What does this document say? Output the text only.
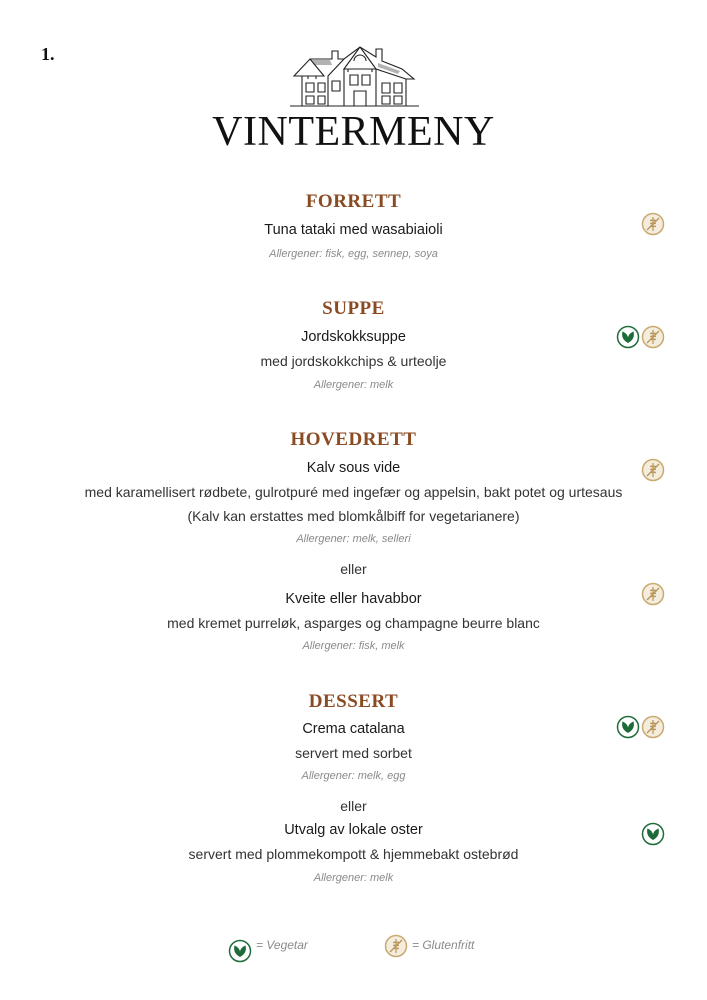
1.
VINTERMENY
FORRETT
Tuna tataki med wasabiaioli
Allergener: fisk, egg, sennep, soya
SUPPE
Jordskokksuppe
med jordskokkchips & urteolje
Allergener: melk
HOVEDRETT
Kalv sous vide
med karamellisert rødbete, gulrotpuré med ingefær og appelsin, bakt potet og urtesaus
(Kalv kan erstattes med blomkålbiff for vegetarianere)
Allergener: melk, selleri
eller
Kveite eller havabbor
med kremet purreløk, asparges og champagne beurre blanc
Allergener: fisk, melk
DESSERT
Crema catalana
servert med sorbet
Allergener: melk, egg
eller
Utvalg av lokale oster
servert med plommekompott & hjemmebakt ostebrød
Allergener: melk
= Vegetar	= Glutenfritt
